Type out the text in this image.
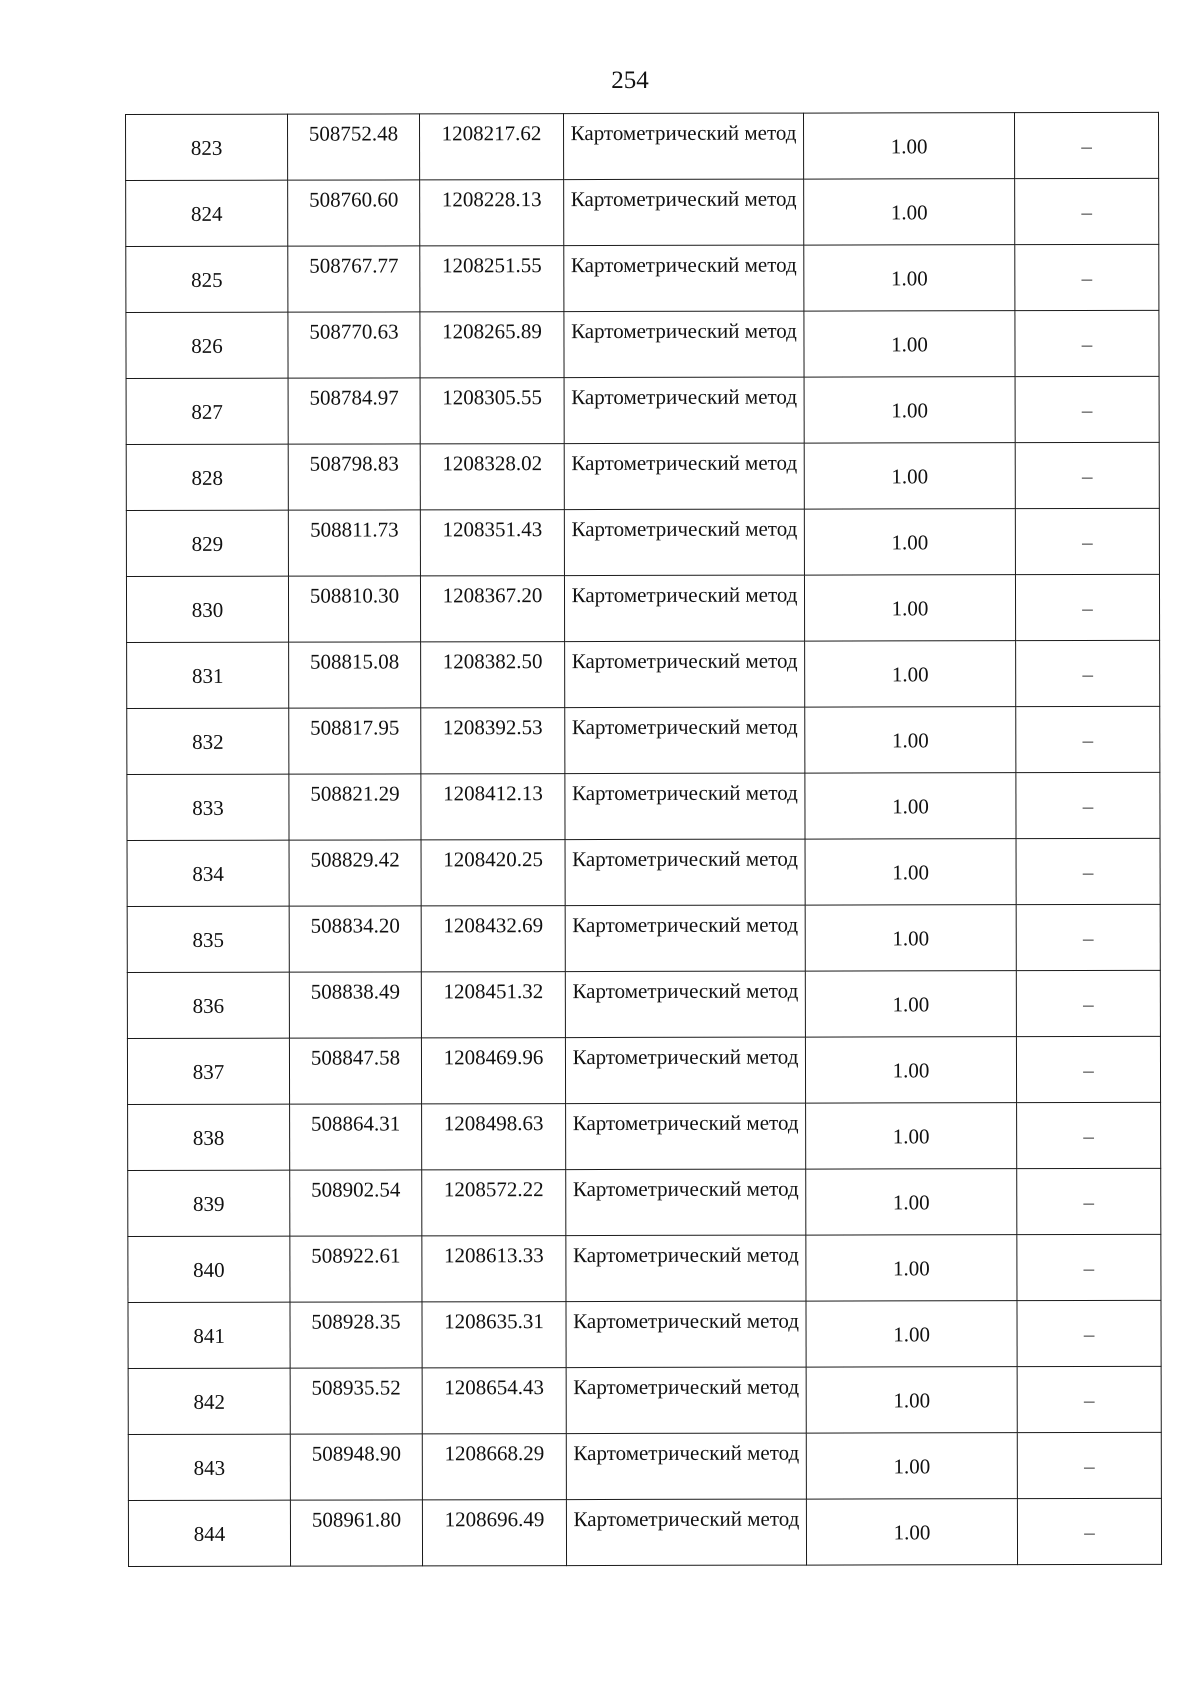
254
823	508752.48	1208217.62	Картометрический метод	1.00	–
824	508760.60	1208228.13	Картометрический метод	1.00	–
825	508767.77	1208251.55	Картометрический метод	1.00	–
826	508770.63	1208265.89	Картометрический метод	1.00	–
827	508784.97	1208305.55	Картометрический метод	1.00	–
828	508798.83	1208328.02	Картометрический метод	1.00	–
829	508811.73	1208351.43	Картометрический метод	1.00	–
830	508810.30	1208367.20	Картометрический метод	1.00	–
831	508815.08	1208382.50	Картометрический метод	1.00	–
832	508817.95	1208392.53	Картометрический метод	1.00	–
833	508821.29	1208412.13	Картометрический метод	1.00	–
834	508829.42	1208420.25	Картометрический метод	1.00	–
835	508834.20	1208432.69	Картометрический метод	1.00	–
836	508838.49	1208451.32	Картометрический метод	1.00	–
837	508847.58	1208469.96	Картометрический метод	1.00	–
838	508864.31	1208498.63	Картометрический метод	1.00	–
839	508902.54	1208572.22	Картометрический метод	1.00	–
840	508922.61	1208613.33	Картометрический метод	1.00	–
841	508928.35	1208635.31	Картометрический метод	1.00	–
842	508935.52	1208654.43	Картометрический метод	1.00	–
843	508948.90	1208668.29	Картометрический метод	1.00	–
844	508961.80	1208696.49	Картометрический метод	1.00	–
